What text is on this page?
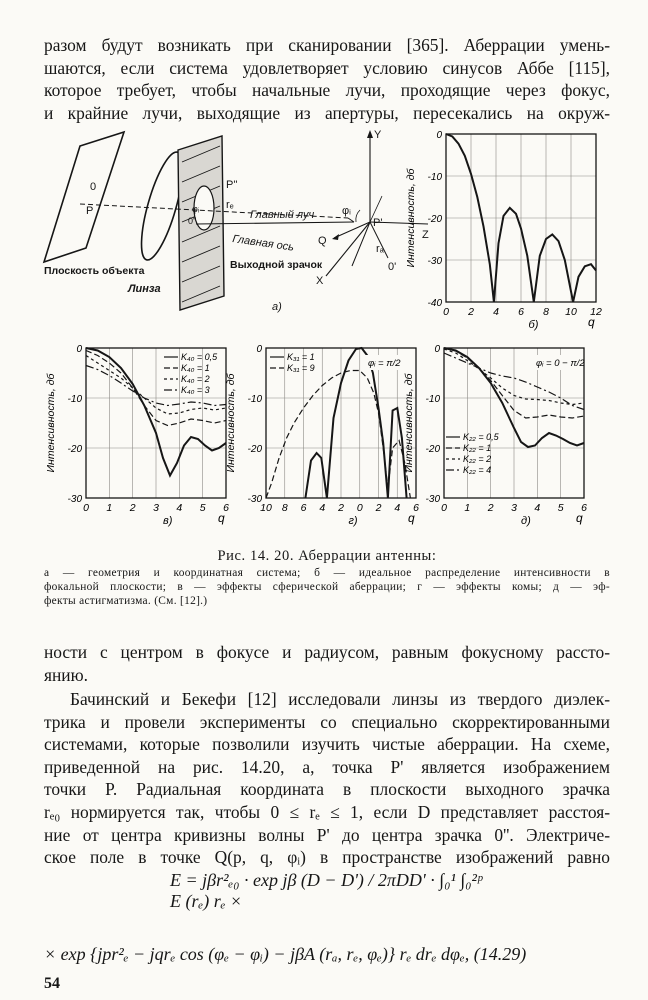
разом будут возникать при сканировании [365]. Аберрации умень-
шаются, если система удовлетворяет условию синусов Аббе [115],
которое требует, чтобы начальные лучи, проходящие через фокус,
и крайние лучи, выходящие из апертуры, пересекались на окруж-
0
P
P''
rₑ
0''
φᵢ	Главный луч
Главная ось
Выходной зрачок
P'
Y
Z
X
Q
φᵢ
rₐ
0'
Плоскость объекта
Линза
а)	0 2 4 6 8 10 12
0
-10
-20
-30
-40
Интенсивность, дб
q
б)
0 1 2 3 4 5 6
0
-10
-20
-30
Интенсивность, дб
q
в)
K₄₀ = 0,5
K₄₀ = 1
K₄₀ = 2
K₄₀ = 3
10 8 6 4 2 0 2 4 6
0
-10
-20
-30
Интенсивность, дб
q
г)
K₃₁ = 1
K₃₁ = 9	φᵢ = π/2
0 1 2 3 4 5 6
0
-10
-20
-30
Интенсивность, дб
q
д)
K₂₂ = 0,5
K₂₂ = 1
K₂₂ = 2
K₂₂ = 4
φᵢ = 0 − π/2
Рис. 14. 20. Аберрации антенны:
а — геометрия и координатная система; б — идеальное распределение интенсивности в
фокальной плоскости; в — эффекты сферической аберрации; г — эффекты комы; д — эф-
фекты астигматизма. (См. [12].)
ности с центром в фокусе и радиусом, равным фокусному рассто-
янию.
Бачинский и Бекефи [12] исследовали линзы из твердого диэлек-
трика и провели эксперименты со специально скорректированными
системами, которые позволили изучить чистые аберрации. На схеме,
приведенной на рис. 14.20, а, точка P' является изображением
точки P. Радиальная координата в плоскости выходного зрачка
rₑ₀ нормируется так, чтобы 0 ≤ rₑ ≤ 1, если D представляет расстоя-
ние от центра кривизны волны P' до центра зрачка 0''. Электриче-
ское поле в точке Q(p, q, φᵢ) в пространстве изображений равно
E = jβr²ₑ₀ · exp jβ (D − D') / 2πDD' · ∫₀¹ ∫₀²ᵖ E (rₑ) rₑ ×
× exp {jpr²ₑ − jqrₑ cos (φₑ − φᵢ) − jβA (rₐ, rₑ, φₑ)} rₑ drₑ dφₑ, (14.29)
54
